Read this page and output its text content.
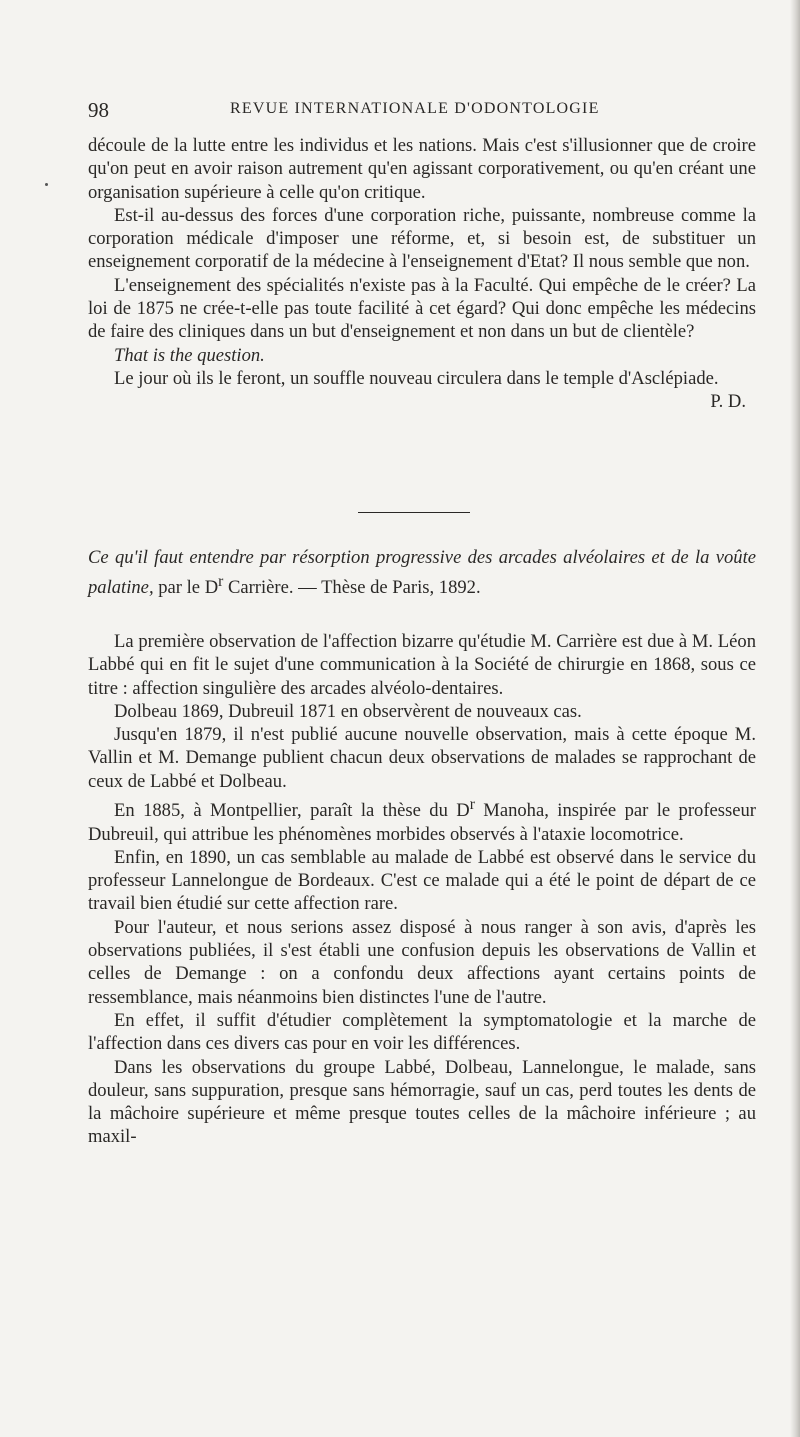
98	REVUE INTERNATIONALE D'ODONTOLOGIE

découle de la lutte entre les individus et les nations. Mais c'est s'illusionner que de croire qu'on peut en avoir raison autrement qu'en agissant corporativement, ou qu'en créant une organisation supérieure à celle qu'on critique.

Est-il au-dessus des forces d'une corporation riche, puissante, nombreuse comme la corporation médicale d'imposer une réforme, et, si besoin est, de substituer un enseignement corporatif de la médecine à l'enseignement d'Etat? Il nous semble que non.

L'enseignement des spécialités n'existe pas à la Faculté. Qui empêche de le créer? La loi de 1875 ne crée-t-elle pas toute facilité à cet égard? Qui donc empêche les médecins de faire des cliniques dans un but d'enseignement et non dans un but de clientèle?

That is the question.

Le jour où ils le feront, un souffle nouveau circulera dans le temple d'Asclépiade.

P. D.

Ce qu'il faut entendre par résorption progressive des arcades alvéolaires et de la voûte palatine, par le $D^r$ Carrière. — Thèse de Paris, 1892.

La première observation de l'affection bizarre qu'étudie M. Carrière est due à M. Léon Labbé qui en fit le sujet d'une communication à la Société de chirurgie en 1868, sous ce titre : affection singulière des arcades alvéolo-dentaires.

Dolbeau 1869, Dubreuil 1871 en observèrent de nouveaux cas.

Jusqu'en 1879, il n'est publié aucune nouvelle observation, mais à cette époque M. Vallin et M. Demange publient chacun deux observations de malades se rapprochant de ceux de Labbé et Dolbeau.

En 1885, à Montpellier, paraît la thèse du $D^r$ Manoha, inspirée par le professeur Dubreuil, qui attribue les phénomènes morbides observés à l'ataxie locomotrice.

Enfin, en 1890, un cas semblable au malade de Labbé est observé dans le service du professeur Lannelongue de Bordeaux. C'est ce malade qui a été le point de départ de ce travail bien étudié sur cette affection rare.

Pour l'auteur, et nous serions assez disposé à nous ranger à son avis, d'après les observations publiées, il s'est établi une confusion depuis les observations de Vallin et celles de Demange : on a confondu deux affections ayant certains points de ressemblance, mais néanmoins bien distinctes l'une de l'autre.

En effet, il suffit d'étudier complètement la symptomatologie et la marche de l'affection dans ces divers cas pour en voir les différences.

Dans les observations du groupe Labbé, Dolbeau, Lannelongue, le malade, sans douleur, sans suppuration, presque sans hémorragie, sauf un cas, perd toutes les dents de la mâchoire supérieure et même presque toutes celles de la mâchoire inférieure ; au maxil-
